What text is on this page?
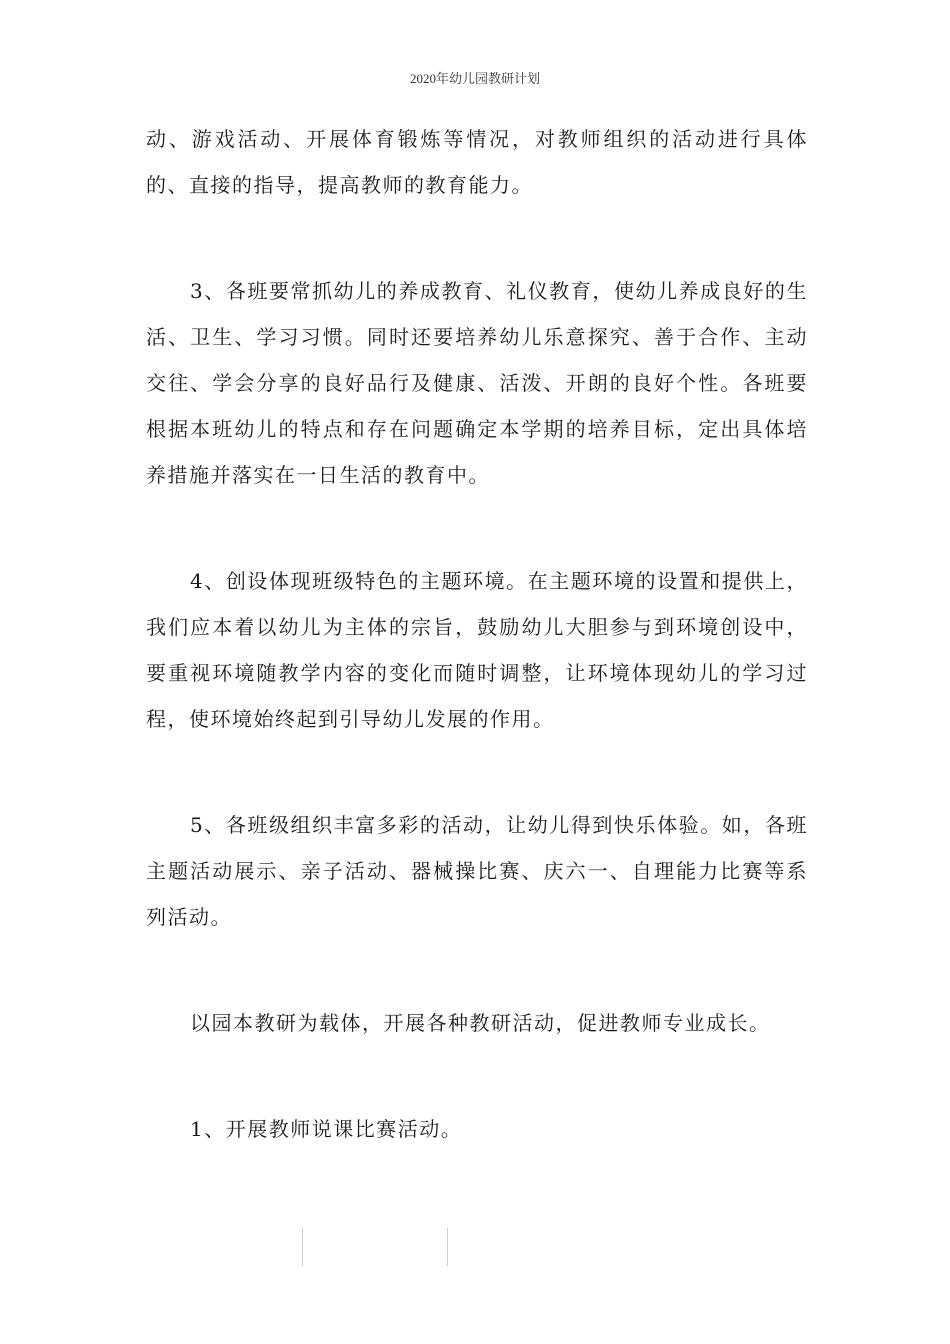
2020年幼儿园教研计划

动、游戏活动、开展体育锻炼等情况，对教师组织的活动进行具体的、直接的指导，提高教师的教育能力。

3、各班要常抓幼儿的养成教育、礼仪教育，使幼儿养成良好的生活、卫生、学习习惯。同时还要培养幼儿乐意探究、善于合作、主动交往、学会分享的良好品行及健康、活泼、开朗的良好个性。各班要根据本班幼儿的特点和存在问题确定本学期的培养目标，定出具体培养措施并落实在一日生活的教育中。

4、创设体现班级特色的主题环境。在主题环境的设置和提供上，我们应本着以幼儿为主体的宗旨，鼓励幼儿大胆参与到环境创设中，要重视环境随教学内容的变化而随时调整，让环境体现幼儿的学习过程，使环境始终起到引导幼儿发展的作用。

5、各班级组织丰富多彩的活动，让幼儿得到快乐体验。如，各班主题活动展示、亲子活动、器械操比赛、庆六一、自理能力比赛等系列活动。

以园本教研为载体，开展各种教研活动，促进教师专业成长。

1、开展教师说课比赛活动。
